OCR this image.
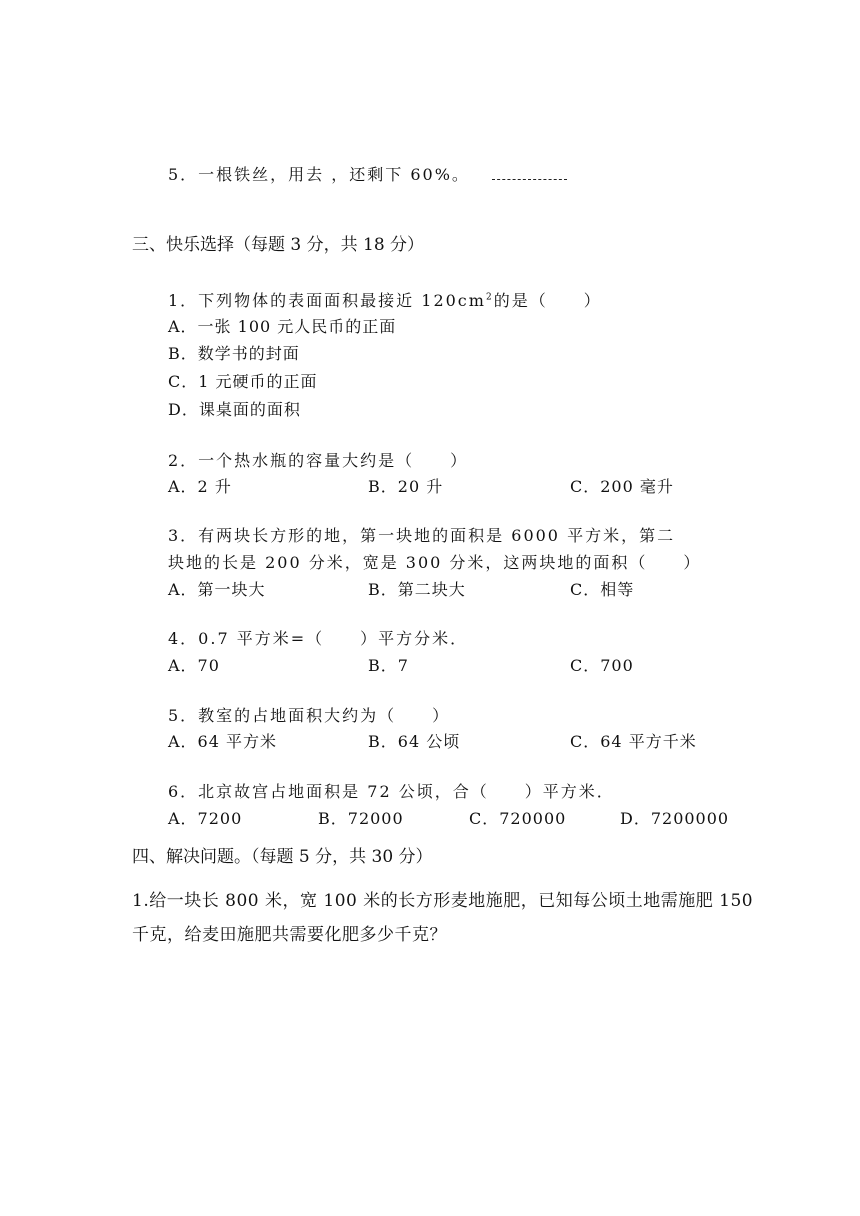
5．一根铁丝，用去 ，还剩下 60%。
三、快乐选择（每题 3 分，共 18 分）
1．下列物体的表面面积最接近 $120cm^2$的是（　　）
A．一张 100 元人民币的正面
B．数学书的封面
C．1 元硬币的正面
D．课桌面的面积
2．一个热水瓶的容量大约是（　　）
A．2 升	B．20 升	C．200 毫升
3．有两块长方形的地，第一块地的面积是 6000 平方米，第二
块地的长是 200 分米，宽是 300 分米，这两块地的面积（　　）
A．第一块大	B．第二块大	C．相等
4．0.7 平方米=（　　）平方分米．
A．70	B．7	C．700
5．教室的占地面积大约为（　　）
A．64 平方米	B．64 公顷	C．64 平方千米
6．北京故宫占地面积是 72 公顷，合（　　）平方米．
A．7200	B．72000	C．720000	D．7200000
四、解决问题。（每题 5 分，共 30 分）
1.给一块长 800 米，宽 100 米的长方形麦地施肥，已知每公顷土地需施肥 150
千克，给麦田施肥共需要化肥多少千克？
